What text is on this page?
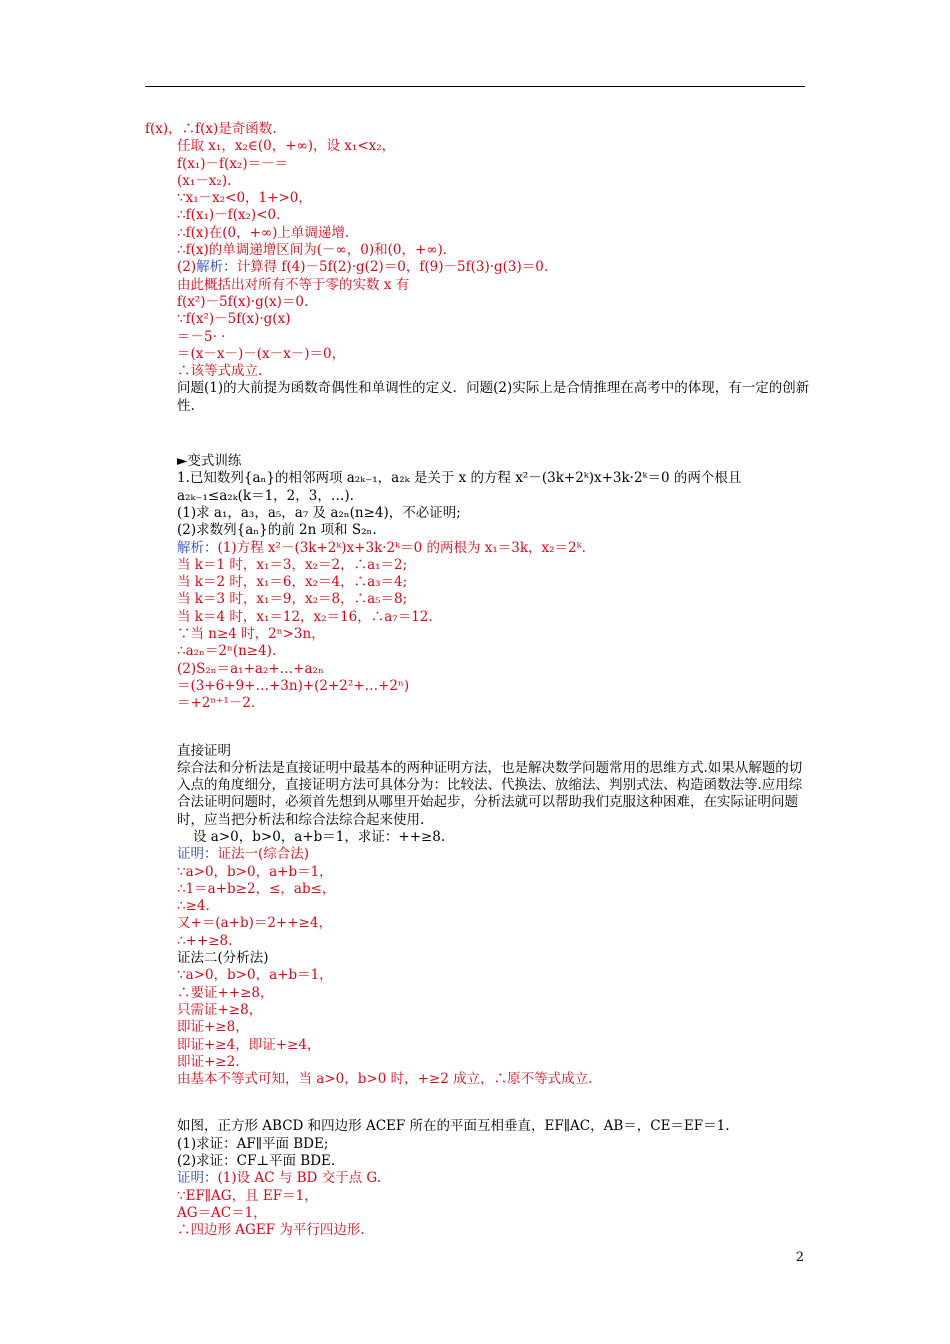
f(x)，∴f(x)是奇函数.
任取 x₁，x₂∈(0，+∞)，设 x₁<x₂，
f(x₁)－f(x₂)＝－＝
(x₁－x₂).
∵x₁－x₂<0，1+>0，
∴f(x₁)－f(x₂)<0.
∴f(x)在(0，+∞)上单调递增.
∴f(x)的单调递增区间为(－∞，0)和(0，+∞).
(2)解析：计算得 f(4)－5f(2)·g(2)＝0，f(9)－5f(3)·g(3)＝0.
由此概括出对所有不等于零的实数 x 有
f(x²)－5f(x)·g(x)＝0.
∵f(x²)－5f(x)·g(x)
＝－5· ·
＝(x－x－)－(x－x－)＝0，
∴该等式成立.
问题(1)的大前提为函数奇偶性和单调性的定义．问题(2)实际上是合情推理在高考中的体现，有一定的创新性.
►变式训练
1.已知数列{aₙ}的相邻两项 a₂ₖ₋₁，a₂ₖ 是关于 x 的方程 x²－(3k+2ᵏ)x+3k·2ᵏ＝0 的两个根且 a₂ₖ₋₁≤a₂ₖ(k＝1，2，3，…).
(1)求 a₁，a₃，a₅，a₇ 及 a₂ₙ(n≥4)，不必证明;
(2)求数列{aₙ}的前 2n 项和 S₂ₙ.
解析：(1)方程 x²－(3k+2ᵏ)x+3k·2ᵏ＝0 的两根为 x₁＝3k，x₂＝2ᵏ.
当 k＝1 时，x₁＝3，x₂＝2，∴a₁＝2;
当 k＝2 时，x₁＝6，x₂＝4，∴a₃＝4;
当 k＝3 时，x₁＝9，x₂＝8，∴a₅＝8;
当 k＝4 时，x₁＝12，x₂＝16，∴a₇＝12.
∵当 n≥4 时，2ⁿ>3n，
∴a₂ₙ＝2ⁿ(n≥4).
(2)S₂ₙ＝a₁+a₂+…+a₂ₙ
＝(3+6+9+…+3n)+(2+2²+…+2ⁿ)
＝+2ⁿ⁺¹－2.
直接证明
综合法和分析法是直接证明中最基本的两种证明方法，也是解决数学问题常用的思维方式.如果从解题的切入点的角度细分，直接证明方法可具体分为：比较法、代换法、放缩法、判别式法、构造函数法等.应用综合法证明问题时，必须首先想到从哪里开始起步，分析法就可以帮助我们克服这种困难，在实际证明问题时，应当把分析法和综合法综合起来使用.
设 a>0，b>0，a+b＝1，求证：++≥8.
证明：证法一(综合法)
∵a>0，b>0，a+b＝1，
∴1＝a+b≥2，≤，ab≤，
∴≥4.
又+＝(a+b)＝2++≥4，
∴++≥8.
证法二(分析法)
∵a>0，b>0，a+b＝1，
∴要证++≥8，
只需证+≥8，
即证+≥8，
即证+≥4，即证+≥4，
即证+≥2.
由基本不等式可知，当 a>0，b>0 时，+≥2 成立，∴原不等式成立.
如图，正方形 ABCD 和四边形 ACEF 所在的平面互相垂直，EF∥AC，AB＝，CE＝EF＝1.
(1)求证：AF∥平面 BDE;
(2)求证：CF⊥平面 BDE.
证明：(1)设 AC 与 BD 交于点 G.
∵EF∥AG，且 EF＝1，
AG＝AC＝1，
∴四边形 AGEF 为平行四边形.
2
